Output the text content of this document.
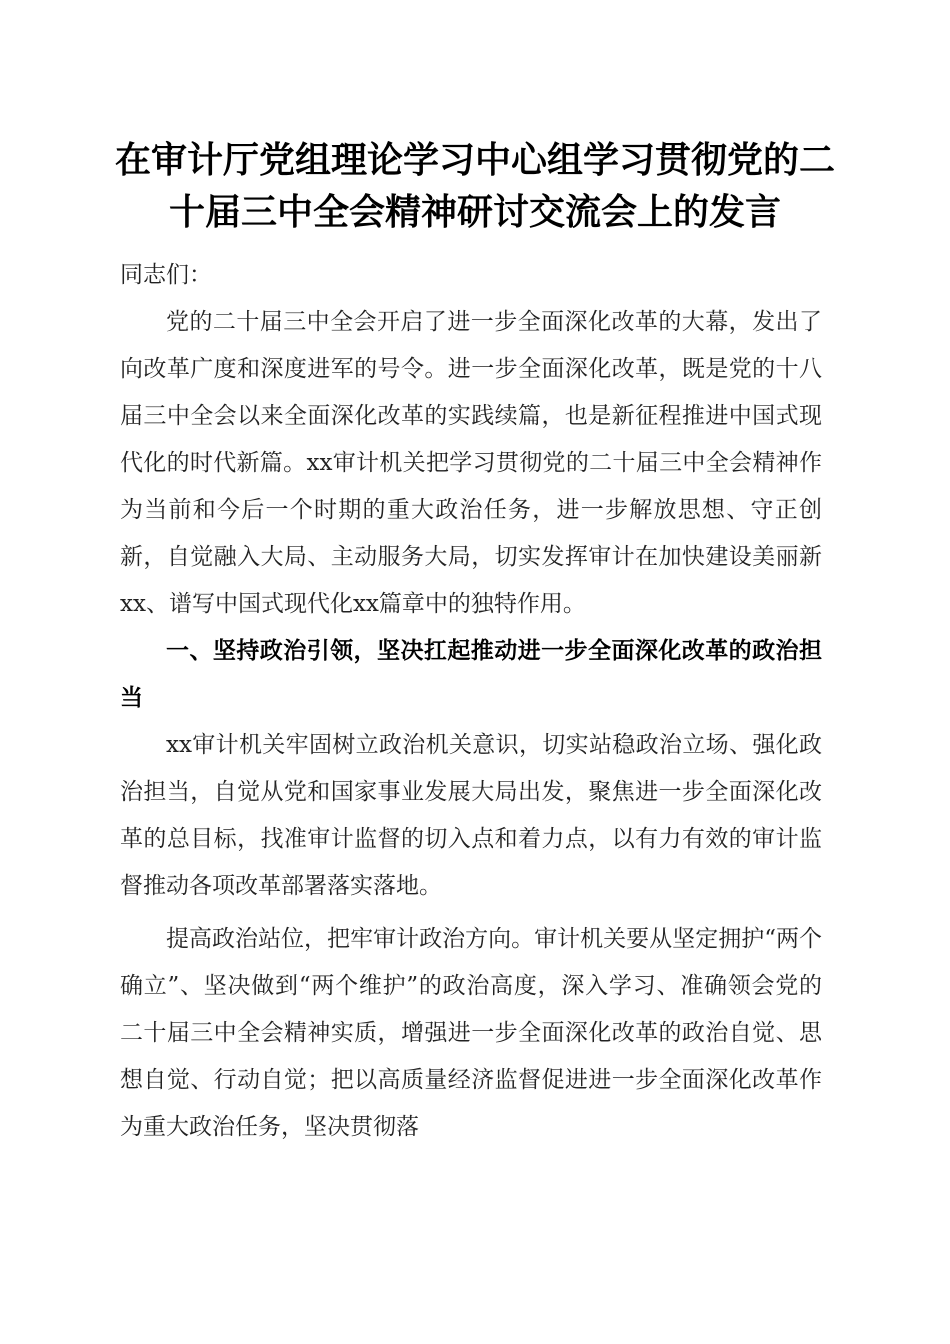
在审计厅党组理论学习中心组学习贯彻党的二十届三中全会精神研讨交流会上的发言

同志们：

党的二十届三中全会开启了进一步全面深化改革的大幕，发出了向改革广度和深度进军的号令。进一步全面深化改革，既是党的十八届三中全会以来全面深化改革的实践续篇，也是新征程推进中国式现代化的时代新篇。xx审计机关把学习贯彻党的二十届三中全会精神作为当前和今后一个时期的重大政治任务，进一步解放思想、守正创新，自觉融入大局、主动服务大局，切实发挥审计在加快建设美丽新xx、谱写中国式现代化xx篇章中的独特作用。

一、坚持政治引领，坚决扛起推动进一步全面深化改革的政治担当

xx审计机关牢固树立政治机关意识，切实站稳政治立场、强化政治担当，自觉从党和国家事业发展大局出发，聚焦进一步全面深化改革的总目标，找准审计监督的切入点和着力点，以有力有效的审计监督推动各项改革部署落实落地。

提高政治站位，把牢审计政治方向。审计机关要从坚定拥护“两个确立”、坚决做到“两个维护”的政治高度，深入学习、准确领会党的二十届三中全会精神实质，增强进一步全面深化改革的政治自觉、思想自觉、行动自觉；把以高质量经济监督促进进一步全面深化改革作为重大政治任务，坚决贯彻落
